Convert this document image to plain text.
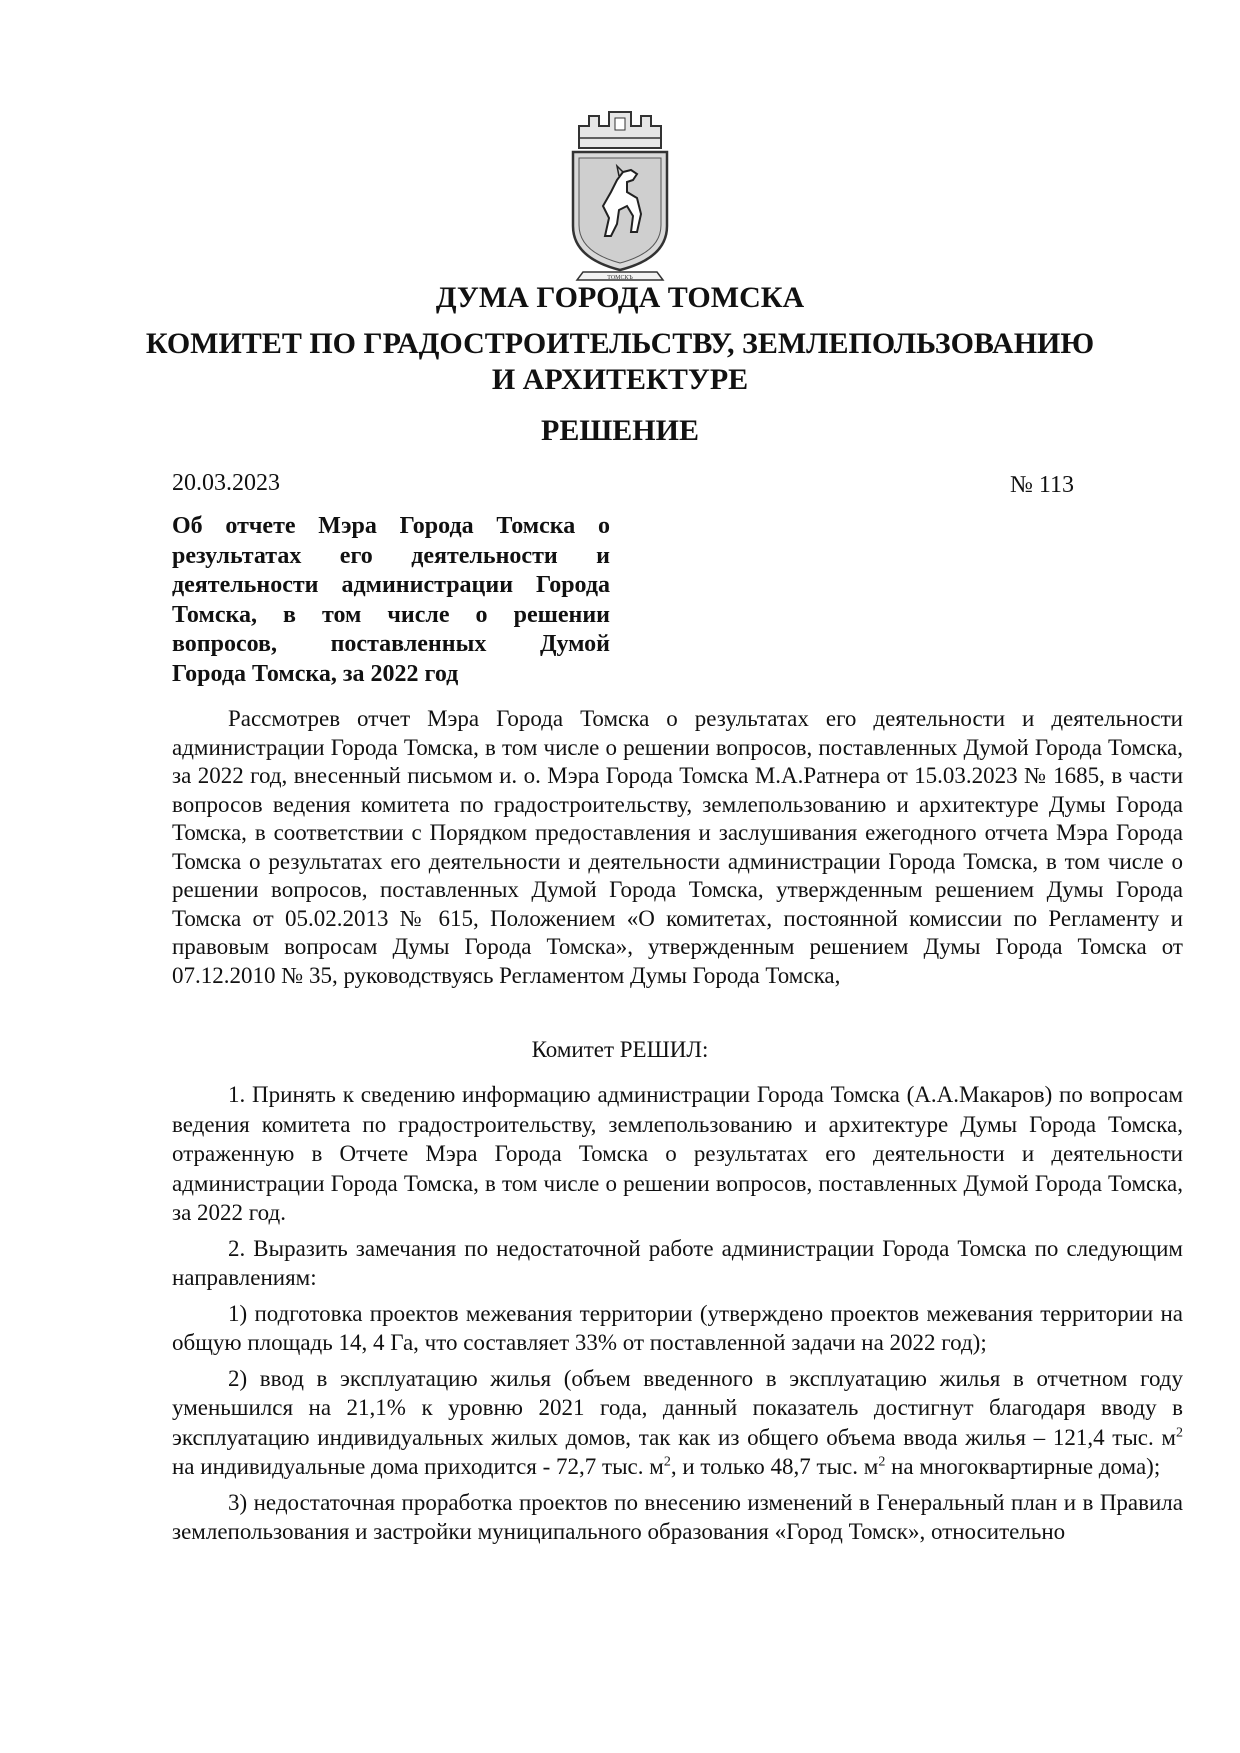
ТОМСКЪ
ДУМА ГОРОДА ТОМСКА
КОМИТЕТ ПО ГРАДОСТРОИТЕЛЬСТВУ, ЗЕМЛЕПОЛЬЗОВАНИЮ
И АРХИТЕКТУРЕ
РЕШЕНИЕ
20.03.2023	№ 113
Об отчете Мэра Города Томска о результатах его деятельности и деятельности администрации Города Томска, в том числе о решении вопросов, поставленных Думой
Города Томска, за 2022 год

Рассмотрев отчет Мэра Города Томска о результатах его деятельности и деятельности администрации Города Томска, в том числе о решении вопросов, поставленных Думой Города Томска, за 2022 год, внесенный письмом и. о. Мэра Города Томска М.А.Ратнера от 15.03.2023 № 1685, в части вопросов ведения комитета по градостроительству, землепользованию и архитектуре Думы Города Томска, в соответствии с Порядком предоставления и заслушивания ежегодного отчета Мэра Города Томска о результатах его деятельности и деятельности администрации Города Томска, в том числе о решении вопросов, поставленных Думой Города Томска, утвержденным решением Думы Города Томска от 05.02.2013 № 615, Положением «О комитетах, постоянной комиссии по Регламенту и правовым вопросам Думы Города Томска», утвержденным решением Думы Города Томска от 07.12.2010 № 35, руководствуясь Регламентом Думы Города Томска,

Комитет РЕШИЛ:

1. Принять к сведению информацию администрации Города Томска (А.А.Макаров) по вопросам ведения комитета по градостроительству, землепользованию и архитектуре Думы Города Томска, отраженную в Отчете Мэра Города Томска о результатах его деятельности и деятельности администрации Города Томска, в том числе о решении вопросов, поставленных Думой Города Томска, за 2022 год.

2. Выразить замечания по недостаточной работе администрации Города Томска по следующим направлениям:

1) подготовка проектов межевания территории (утверждено проектов межевания территории на общую площадь 14, 4 Га, что составляет 33% от поставленной задачи на 2022 год);

2) ввод в эксплуатацию жилья (объем введенного в эксплуатацию жилья в отчетном году уменьшился на 21,1% к уровню 2021 года, данный показатель достигнут благодаря вводу в эксплуатацию индивидуальных жилых домов, так как из общего объема ввода жилья – 121,4 тыс. $м^2$ на индивидуальные дома приходится - 72,7 тыс. $м^2$, и только 48,7 тыс. $м^2$ на многоквартирные дома);

3) недостаточная проработка проектов по внесению изменений в Генеральный план и в Правила землепользования и застройки муниципального образования «Город Томск», относительно
